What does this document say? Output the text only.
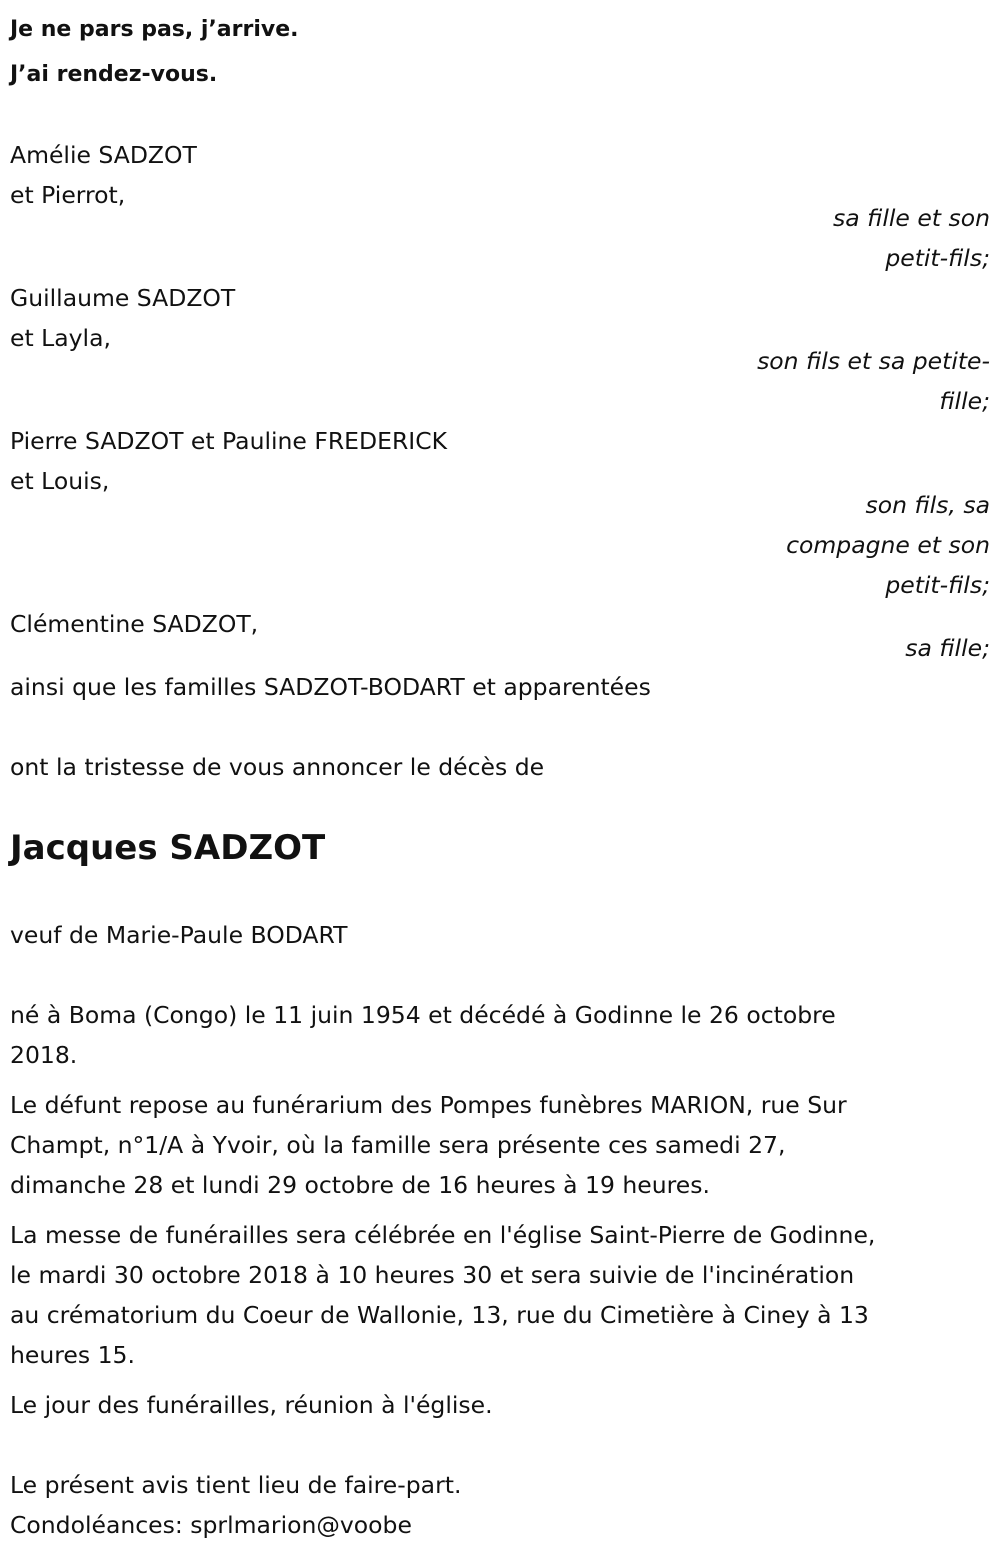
Je ne pars pas, j’arrive.
J’ai rendez-vous.
Amélie SADZOT
et Pierrot,
sa fille et son
petit-fils;
Guillaume SADZOT
et Layla,
son fils et sa petite-
fille;
Pierre SADZOT et Pauline FREDERICK
et Louis,
son fils, sa
compagne et son
petit-fils;
Clémentine SADZOT,
sa fille;
ainsi que les familles SADZOT-BODART et apparentées
ont la tristesse de vous annoncer le décès de
Jacques SADZOT
veuf de Marie-Paule BODART
né à Boma (Congo) le 11 juin 1954 et décédé à Godinne le 26 octobre
2018.
Le défunt repose au funérarium des Pompes funèbres MARION, rue Sur
Champt, n°1/A à Yvoir, où la famille sera présente ces samedi 27,
dimanche 28 et lundi 29 octobre de 16 heures à 19 heures.
La messe de funérailles sera célébrée en l'église Saint-Pierre de Godinne,
le mardi 30 octobre 2018 à 10 heures 30 et sera suivie de l'incinération
au crématorium du Coeur de Wallonie, 13, rue du Cimetière à Ciney à 13
heures 15.
Le jour des funérailles, réunion à l'église.
Le présent avis tient lieu de faire-part.
Condoléances: sprlmarion@voobe
